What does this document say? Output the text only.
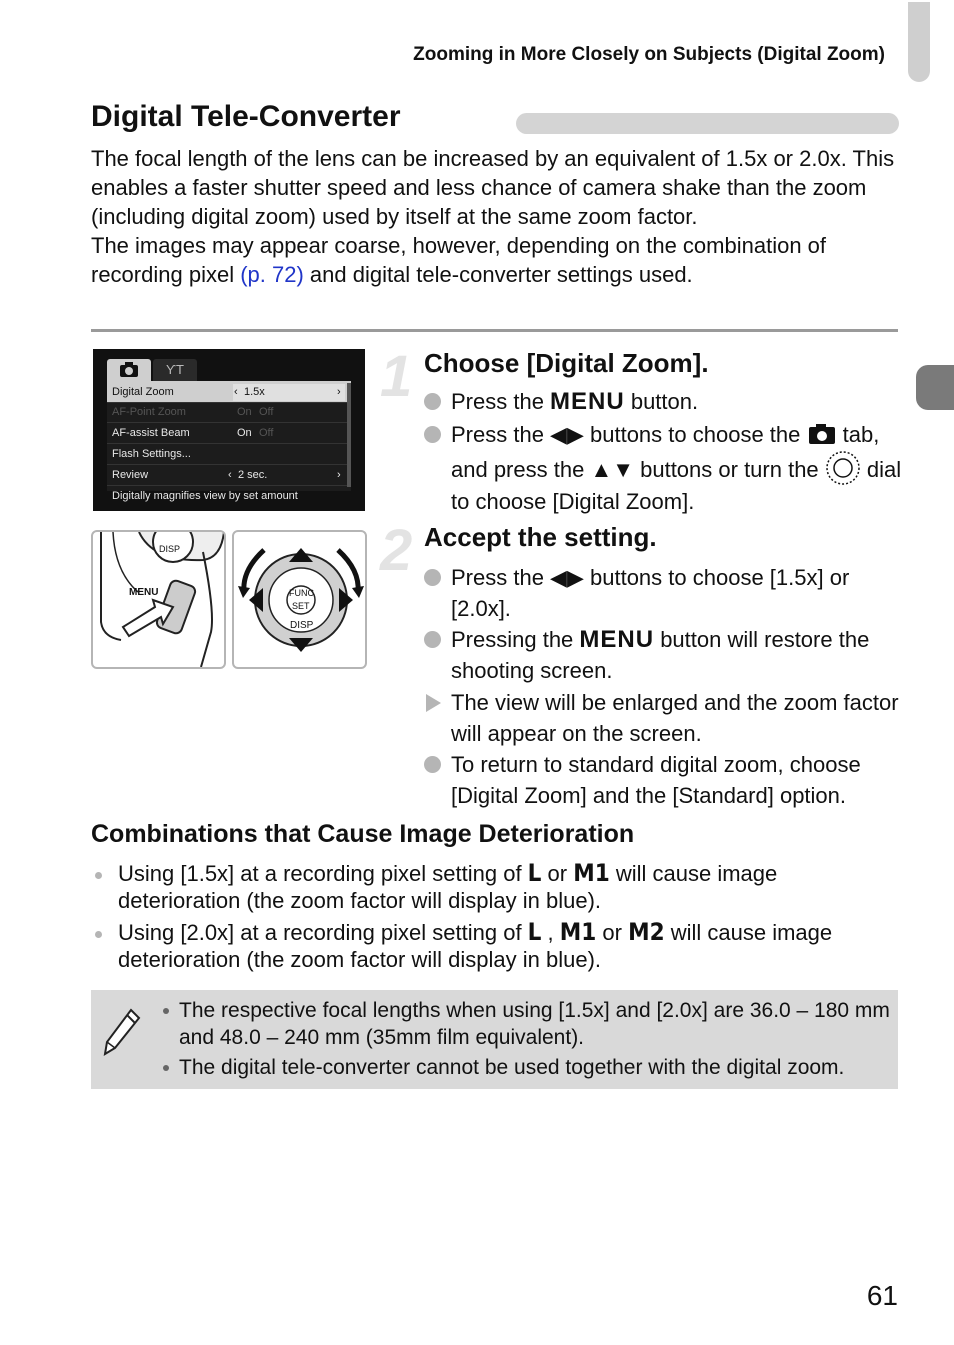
Zooming in More Closely on Subjects (Digital Zoom)
Digital Tele-Converter

The focal length of the lens can be increased by an equivalent of 1.5x or 2.0x. This enables a faster shutter speed and less chance of camera shake than the zoom (including digital zoom) used by itself at the same zoom factor.

The images may appear coarse, however, depending on the combination of recording pixel (p. 72) and digital tele-converter settings used.

ƳT
Digital Zoom	‹ 1.5x	›
AF-Point Zoom	On Off
AF-assist Beam	On Off
Flash Settings...
Review	‹ 2 sec.	›
Digitally magnifies view by set amount
MENU
DISP
FUNC
SET
DISP
1 Choose [Digital Zoom].
Press the MENU button.
Press the ◀▶ buttons to choose the  tab, and press the ▲▼ buttons or turn the  dial to choose [Digital Zoom].
2 Accept the setting.
Press the ◀▶ buttons to choose [1.5x] or [2.0x].
Pressing the MENU button will restore the shooting screen.
The view will be enlarged and the zoom factor will appear on the screen.
To return to standard digital zoom, choose [Digital Zoom] and the [Standard] option.
Combinations that Cause Image Deterioration
Using [1.5x] at a recording pixel setting of L or M1 will cause image deterioration (the zoom factor will display in blue).
Using [2.0x] at a recording pixel setting of L , M1 or M2 will cause image deterioration (the zoom factor will display in blue).
The respective focal lengths when using [1.5x] and [2.0x] are 36.0 – 180 mm and 48.0 – 240 mm (35mm film equivalent).
The digital tele-converter cannot be used together with the digital zoom.
61
